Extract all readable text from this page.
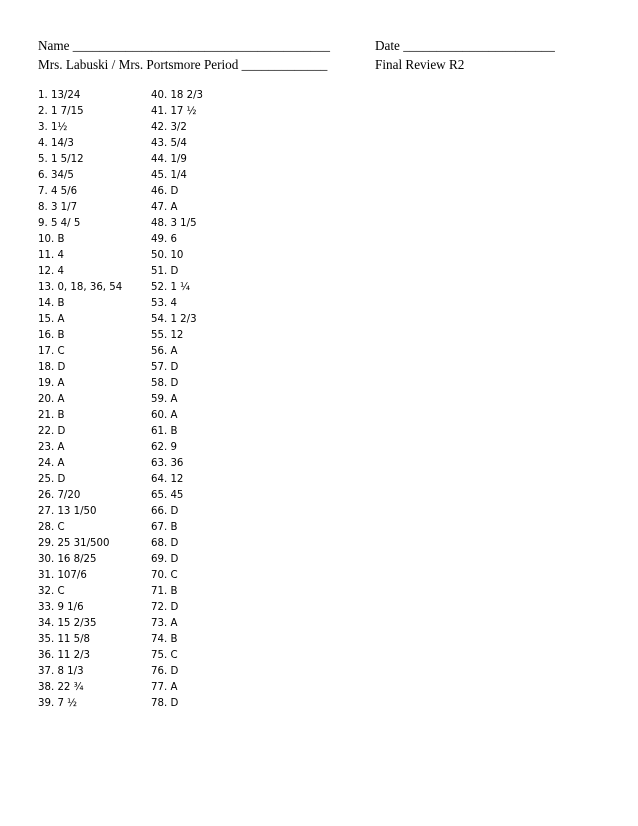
Name _______________________________________	Date _______________________
Mrs. Labuski / Mrs. Portsmore Period _____________	Final Review R2
1. 13/24
2. 1 7/15
3. 1½
4. 14/3
5. 1 5/12
6. 34/5
7. 4 5/6
8. 3 1/7
9. 5 4/ 5
10. B
11. 4
12. 4
13. 0, 18, 36, 54
14. B
15. A
16. B
17. C
18. D
19. A
20. A
21. B
22. D
23. A
24. A
25. D
26. 7/20
27. 13 1/50
28. C
29. 25 31/500
30. 16 8/25
31. 107/6
32. C
33. 9 1/6
34. 15 2/35
35. 11 5/8
36. 11 2/3
37. 8 1/3
38. 22 ¾
39. 7 ½
40. 18 2/3
41. 17 ½
42. 3/2
43. 5/4
44. 1/9
45. 1/4
46. D
47. A
48. 3 1/5
49. 6
50. 10
51. D
52. 1 ¼
53. 4
54. 1 2/3
55. 12
56. A
57. D
58. D
59. A
60. A
61. B
62. 9
63. 36
64. 12
65. 45
66. D
67. B
68. D
69. D
70. C
71. B
72. D
73. A
74. B
75. C
76. D
77. A
78. D
